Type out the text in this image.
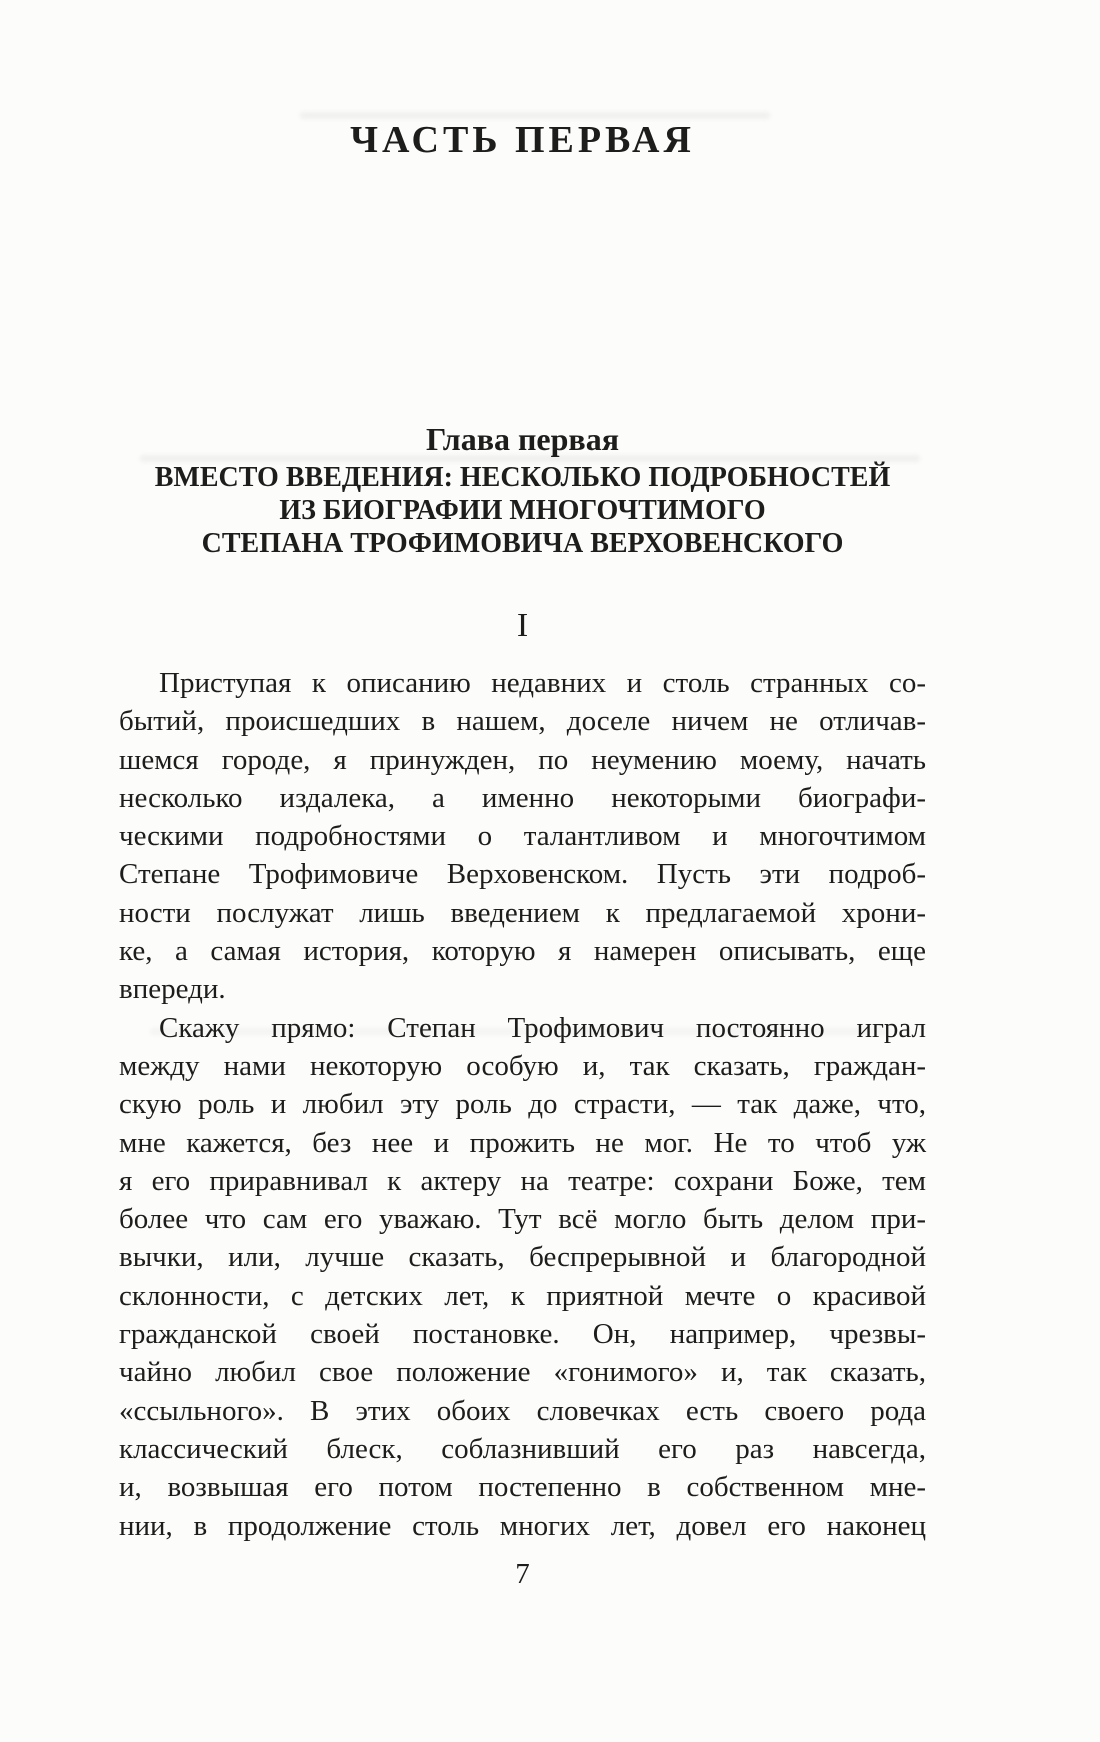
ЧАСТЬ ПЕРВАЯ
Глава первая
ВМЕСТО ВВЕДЕНИЯ: НЕСКОЛЬКО ПОДРОБНОСТЕЙ
ИЗ БИОГРАФИИ МНОГОЧТИМОГО
СТЕПАНА ТРОФИМОВИЧА ВЕРХОВЕНСКОГО
I
Приступая к описанию недавних и столь странных со-
бытий, происшедших в нашем, доселе ничем не отличав-
шемся городе, я принужден, по неумению моему, начать
несколько издалека, а именно некоторыми биографи-
ческими подробностями о талантливом и многочтимом
Степане Трофимовиче Верховенском. Пусть эти подроб-
ности послужат лишь введением к предлагаемой хрони-
ке, а самая история, которую я намерен описывать, еще
впереди.
Скажу прямо: Степан Трофимович постоянно играл
между нами некоторую особую и, так сказать, граждан-
скую роль и любил эту роль до страсти, — так даже, что,
мне кажется, без нее и прожить не мог. Не то чтоб уж
я его приравнивал к актеру на театре: сохрани Боже, тем
более что сам его уважаю. Тут всё могло быть делом при-
вычки, или, лучше сказать, беспрерывной и благородной
склонности, с детских лет, к приятной мечте о красивой
гражданской своей постановке. Он, например, чрезвы-
чайно любил свое положение «гонимого» и, так сказать,
«ссыльного». В этих обоих словечках есть своего рода
классический блеск, соблазнивший его раз навсегда,
и, возвышая его потом постепенно в собственном мне-
нии, в продолжение столь многих лет, довел его наконец
7
